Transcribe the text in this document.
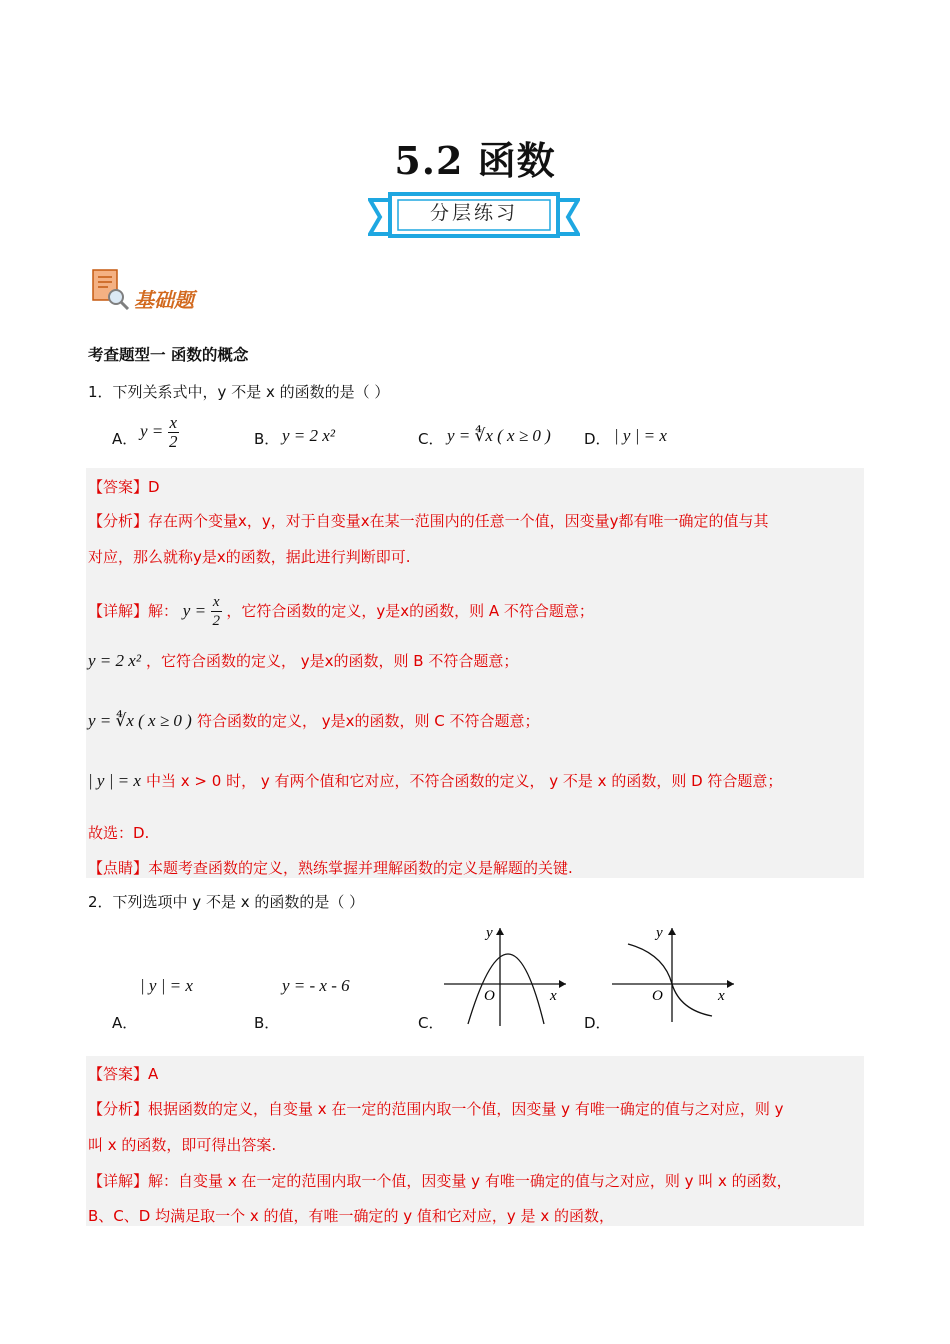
5.2 函数
分层练习
基础题
考查题型一 函数的概念
1．下列关系式中，y 不是 x 的函数的是（ ）
A． $y = \frac{x}{2}$	B． y = 2 x²	C． y = ∜x ( x ≥ 0 ) D． | y | = x
【答案】D
【分析】存在两个变量x，y，对于自变量x在某一范围内的任意一个值，因变量y都有唯一确定的值与其
对应，那么就称y是x的函数，据此进行判断即可.
【详解】解： $y = \frac{x}{2}$ ，它符合函数的定义，y是x的函数，则 A 不符合题意；
y = 2 x² ，它符合函数的定义， y是x的函数，则 B 不符合题意；
y = ∜x ( x ≥ 0 ) 符合函数的定义， y是x的函数，则 C 不符合题意；
| y | = x 中当 x > 0 时， y 有两个值和它对应，不符合函数的定义， y 不是 x 的函数，则 D 符合题意；
故选：D.
【点睛】本题考查函数的定义，熟练掌握并理解函数的定义是解题的关键.
2．下列选项中 y 不是 x 的函数的是（ ）
| y | = x	y = - x - 6
A．	B．	C．	D．
y
x
O
y
x
O
【答案】A
【分析】根据函数的定义，自变量 x 在一定的范围内取一个值，因变量 y 有唯一确定的值与之对应，则 y
叫 x 的函数，即可得出答案.
【详解】解：自变量 x 在一定的范围内取一个值，因变量 y 有唯一确定的值与之对应，则 y 叫 x 的函数，
B、C、D 均满足取一个 x 的值，有唯一确定的 y 值和它对应，y 是 x 的函数，
